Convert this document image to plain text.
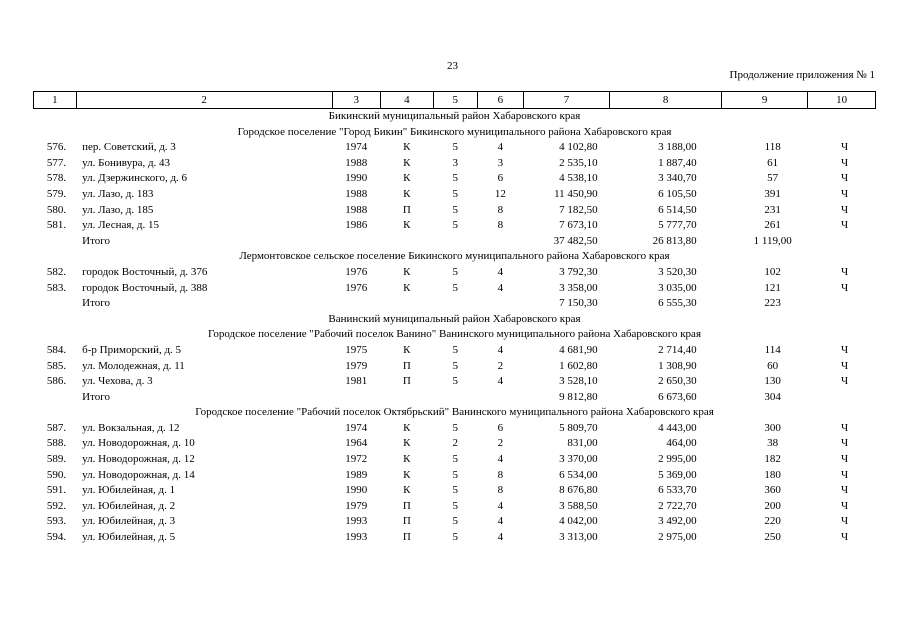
23
Продолжение приложения № 1
1	2	3	4	5	6	7	8	9	10
Бикинский муниципальный район Хабаровского края									
Городское поселение "Город Бикин" Бикинского муниципального района Хабаровского края									
576.	пер. Советский, д. 3	1974	К	5	4	4 102,80	3 188,00	118	Ч
577.	ул. Бонивура, д. 43	1988	К	3	3	2 535,10	1 887,40	61	Ч
578.	ул. Дзержинского, д. 6	1990	К	5	6	4 538,10	3 340,70	57	Ч
579.	ул. Лазо, д. 183	1988	К	5	12	11 450,90	6 105,50	391	Ч
580.	ул. Лазо, д. 185	1988	П	5	8	7 182,50	6 514,50	231	Ч
581.	ул. Лесная, д. 15	1986	К	5	8	7 673,10	5 777,70	261	Ч
	Итого					37 482,50	26 813,80	1 119,00	
Лермонтовское сельское поселение Бикинского муниципального района Хабаровского края									
582.	городок Восточный, д. 376	1976	К	5	4	3 792,30	3 520,30	102	Ч
583.	городок Восточный, д. 388	1976	К	5	4	3 358,00	3 035,00	121	Ч
	Итого					7 150,30	6 555,30	223	
Ванинский муниципальный район Хабаровского края									
Городское поселение "Рабочий поселок Ванино" Ванинского муниципального района Хабаровского края									
584.	б-р Приморский, д. 5	1975	К	5	4	4 681,90	2 714,40	114	Ч
585.	ул. Молодежная, д. 11	1979	П	5	2	1 602,80	1 308,90	60	Ч
586.	ул. Чехова, д. 3	1981	П	5	4	3 528,10	2 650,30	130	Ч
	Итого					9 812,80	6 673,60	304	
Городское поселение "Рабочий поселок Октябрьский" Ванинского муниципального района Хабаровского края									
587.	ул. Вокзальная, д. 12	1974	К	5	6	5 809,70	4 443,00	300	Ч
588.	ул. Новодорожная, д. 10	1964	К	2	2	831,00	464,00	38	Ч
589.	ул. Новодорожная, д. 12	1972	К	5	4	3 370,00	2 995,00	182	Ч
590.	ул. Новодорожная, д. 14	1989	К	5	8	6 534,00	5 369,00	180	Ч
591.	ул. Юбилейная, д. 1	1990	К	5	8	8 676,80	6 533,70	360	Ч
592.	ул. Юбилейная, д. 2	1979	П	5	4	3 588,50	2 722,70	200	Ч
593.	ул. Юбилейная, д. 3	1993	П	5	4	4 042,00	3 492,00	220	Ч
594.	ул. Юбилейная, д. 5	1993	П	5	4	3 313,00	2 975,00	250	Ч
